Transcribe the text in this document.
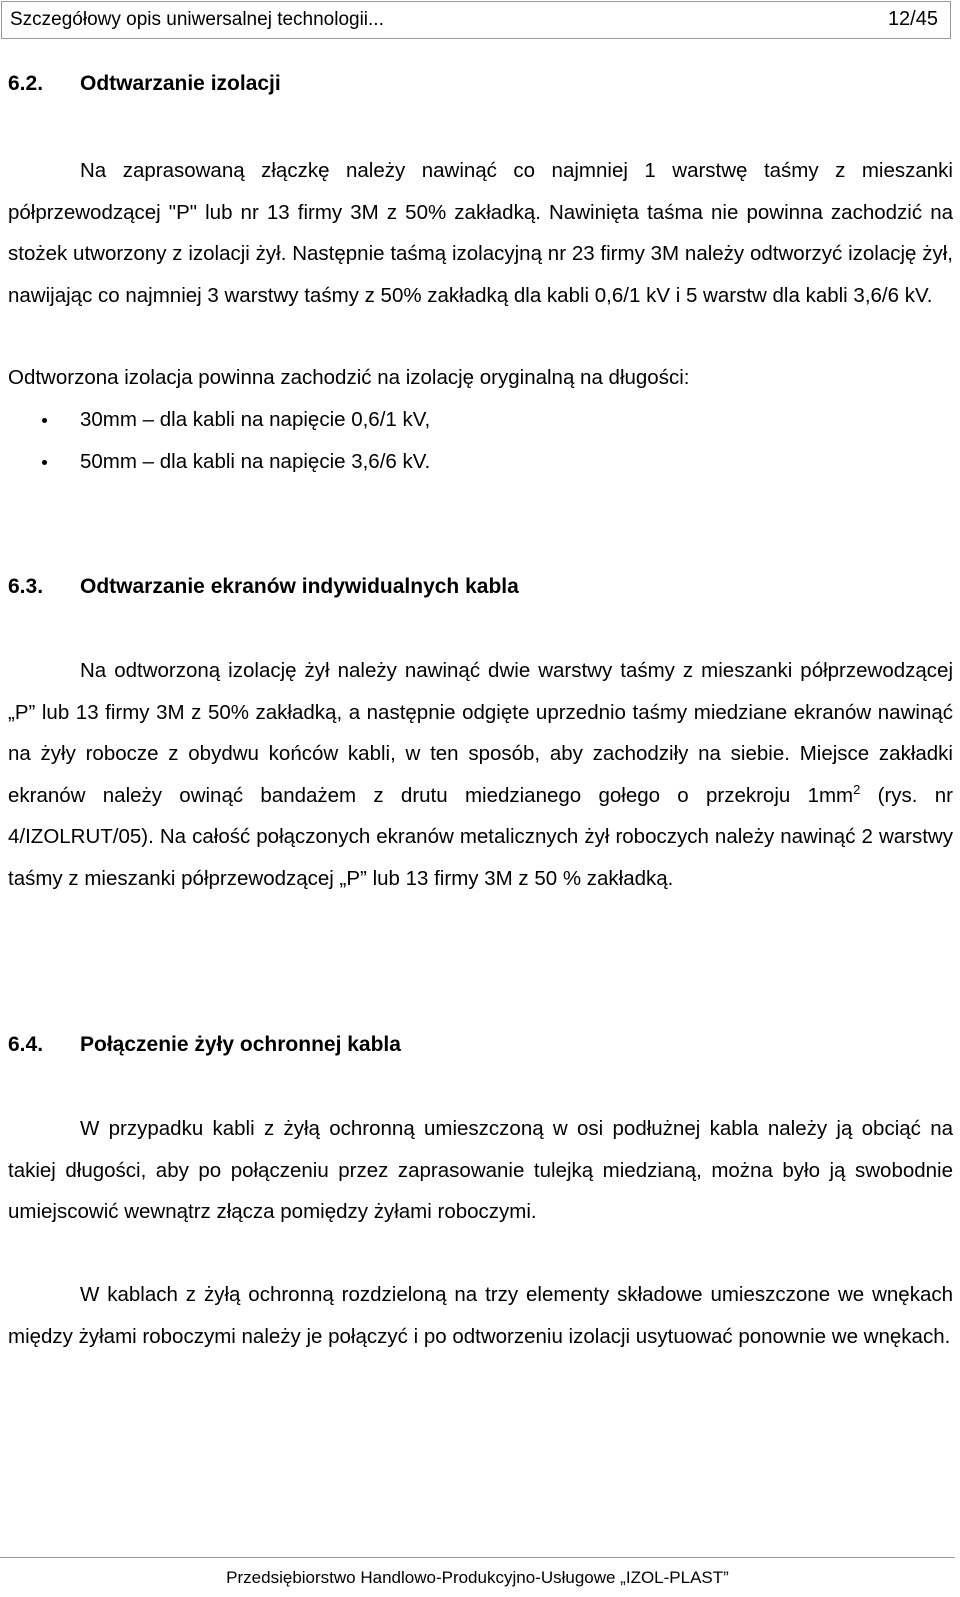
Szczegółowy opis uniwersalnej technologii...	12/45
6.2. Odtwarzanie izolacji

Na zaprasowaną złączkę należy nawinąć co najmniej 1 warstwę taśmy z mieszanki półprzewodzącej "P" lub nr 13 firmy 3M z 50% zakładką. Nawinięta taśma nie powinna zachodzić na stożek utworzony z izolacji żył. Następnie taśmą izolacyjną nr 23 firmy 3M należy odtworzyć izolację żył, nawijając co najmniej 3 warstwy taśmy z 50% zakładką dla kabli 0,6/1 kV i 5 warstw dla kabli 3,6/6 kV.

Odtworzona izolacja powinna zachodzić na izolację oryginalną na długości:

30mm – dla kabli na napięcie 0,6/1 kV,
50mm – dla kabli na napięcie 3,6/6 kV.
6.3. Odtwarzanie ekranów indywidualnych kabla

Na odtworzoną izolację żył należy nawinąć dwie warstwy taśmy z mieszanki półprzewodzącej „P” lub 13 firmy 3M z 50% zakładką, a następnie odgięte uprzednio taśmy miedziane ekranów nawinąć na żyły robocze z obydwu końców kabli, w ten sposób, aby zachodziły na siebie. Miejsce zakładki ekranów należy owinąć bandażem z drutu miedzianego gołego o przekroju $1mm^2$ (rys. nr 4/IZOLRUT/05). Na całość połączonych ekranów metalicznych żył roboczych należy nawinąć 2 warstwy taśmy z mieszanki półprzewodzącej „P” lub 13 firmy 3M z 50 % zakładką.

6.4. Połączenie żyły ochronnej kabla

W przypadku kabli z żyłą ochronną umieszczoną w osi podłużnej kabla należy ją obciąć na takiej długości, aby po połączeniu przez zaprasowanie tulejką miedzianą, można było ją swobodnie umiejscowić wewnątrz złącza pomiędzy żyłami roboczymi.

W kablach z żyłą ochronną rozdzieloną na trzy elementy składowe umieszczone we wnękach między żyłami roboczymi należy je połączyć i po odtworzeniu izolacji usytuować ponownie we wnękach.

Przedsiębiorstwo Handlowo-Produkcyjno-Usługowe „IZOL-PLAST”
